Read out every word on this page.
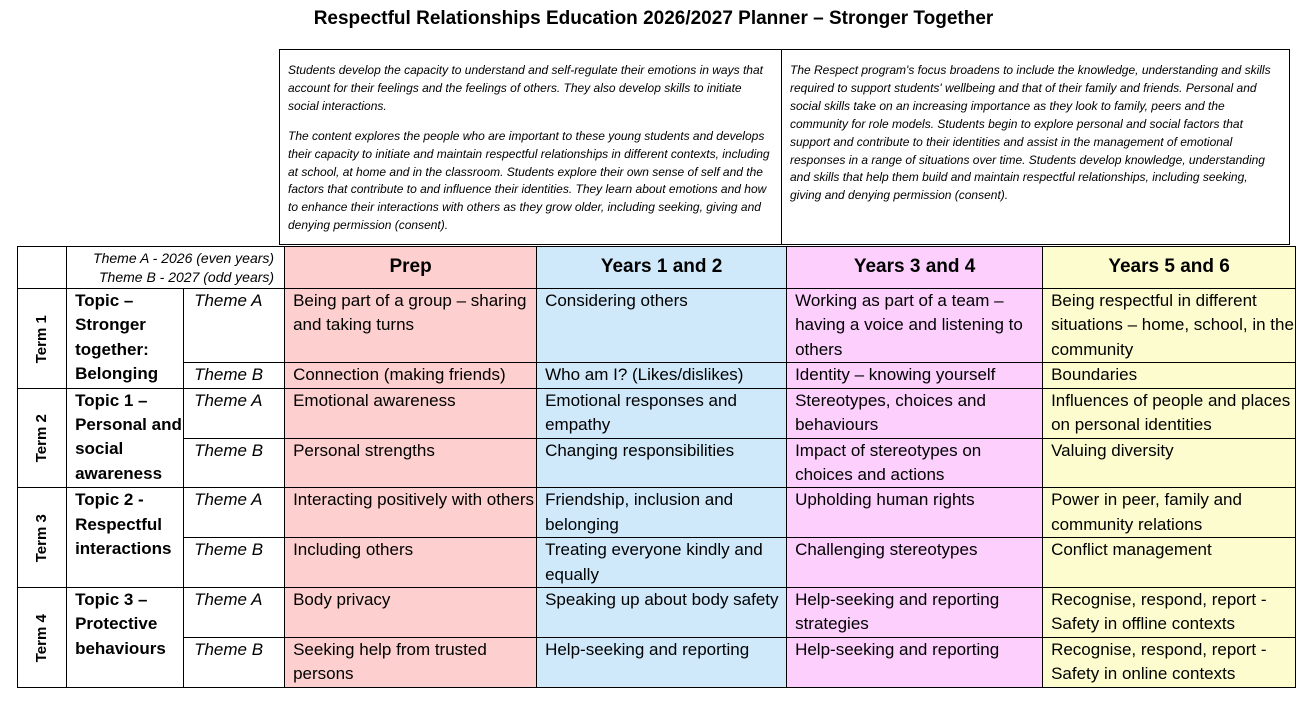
Respectful Relationships Education 2026/2027 Planner – Stronger Together

Students develop the capacity to understand and self-regulate their emotions in ways that account for their feelings and the feelings of others. They also develop skills to initiate social interactions.

The content explores the people who are important to these young students and develops their capacity to initiate and maintain respectful relationships in different contexts, including at school, at home and in the classroom. Students explore their own sense of self and the factors that contribute to and influence their identities. They learn about emotions and how to enhance their interactions with others as they grow older, including seeking, giving and denying permission (consent).

The Respect program's focus broadens to include the knowledge, understanding and skills required to support students' wellbeing and that of their family and friends. Personal and social skills take on an increasing importance as they look to family, peers and the community for role models. Students begin to explore personal and social factors that support and contribute to their identities and assist in the management of emotional responses in a range of situations over time. Students develop knowledge, understanding and skills that help them build and maintain respectful relationships, including seeking, giving and denying permission (consent).

	Theme A - 2026 (even years)
Theme B - 2027 (odd years)		Prep	Years 1 and 2	Years 3 and 4	Years 5 and 6
Term 1	Topic – Stronger together: Belonging	Theme A	Being part of a group – sharing and taking turns	Considering others	Working as part of a team – having a voice and listening to others	Being respectful in different situations – home, school, in the community
		Theme B	Connection (making friends)	Who am I? (Likes/dislikes)	Identity – knowing yourself	Boundaries
Term 2	Topic 1 – Personal and social awareness	Theme A	Emotional awareness	Emotional responses and empathy	Stereotypes, choices and behaviours	Influences of people and places on personal identities
		Theme B	Personal strengths	Changing responsibilities	Impact of stereotypes on choices and actions	Valuing diversity
Term 3	Topic 2 - Respectful interactions	Theme A	Interacting positively with others	Friendship, inclusion and belonging	Upholding human rights	Power in peer, family and community relations
		Theme B	Including others	Treating everyone kindly and equally	Challenging stereotypes	Conflict management
Term 4	Topic 3 – Protective behaviours	Theme A	Body privacy	Speaking up about body safety	Help-seeking and reporting strategies	Recognise, respond, report - Safety in offline contexts
		Theme B	Seeking help from trusted persons	Help-seeking and reporting	Help-seeking and reporting	Recognise, respond, report - Safety in online contexts
